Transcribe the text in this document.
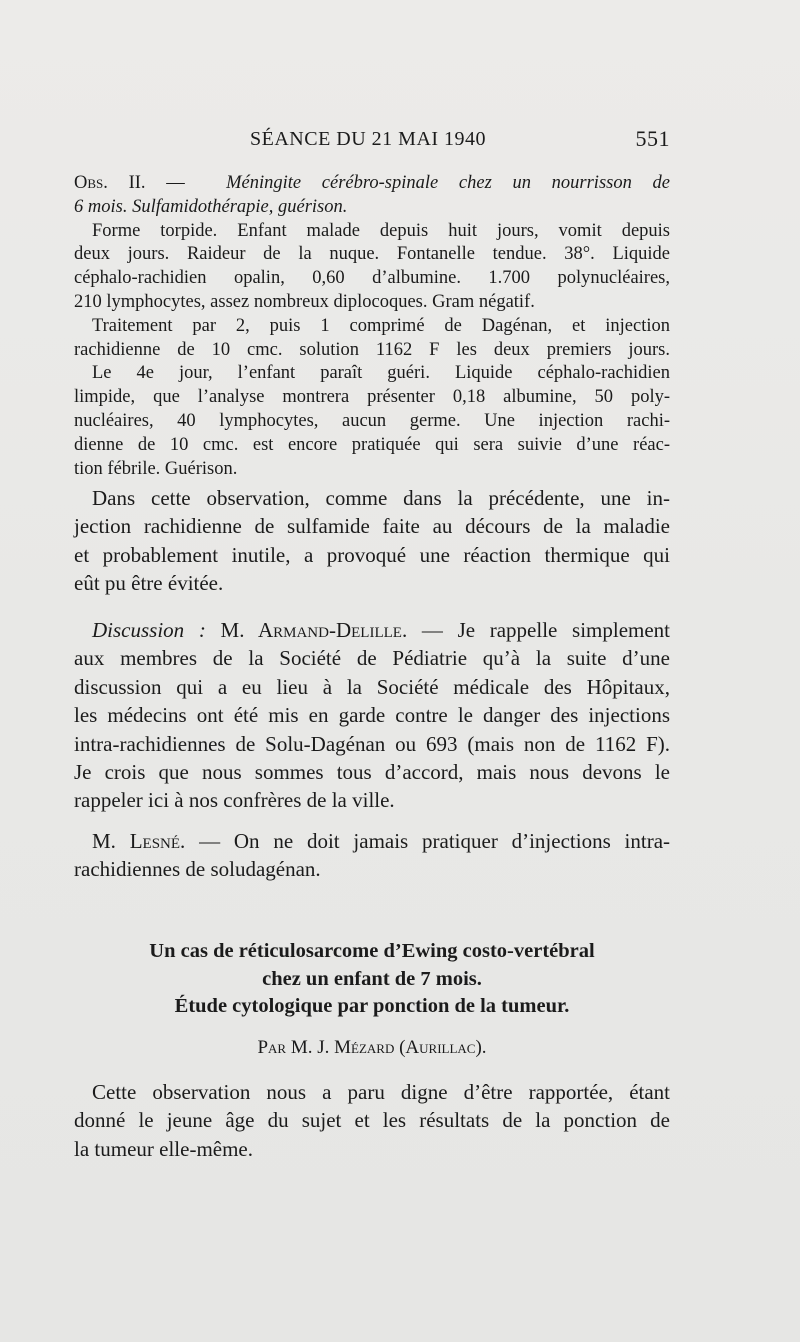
SÉANCE DU 21 MAI 1940	551
Obs. II. — Méningite cérébro-spinale chez un nourrisson de
6 mois. Sulfamidothérapie, guérison.
Forme torpide. Enfant malade depuis huit jours, vomit depuis
deux jours. Raideur de la nuque. Fontanelle tendue. 38°. Liquide
céphalo-rachidien opalin, 0,60 d’albumine. 1.700 polynucléaires,
210 lymphocytes, assez nombreux diplocoques. Gram négatif.
Traitement par 2, puis 1 comprimé de Dagénan, et injection
rachidienne de 10 cmc. solution 1162 F les deux premiers jours.
Le 4e jour, l’enfant paraît guéri. Liquide céphalo-rachidien
limpide, que l’analyse montrera présenter 0,18 albumine, 50 poly-
nucléaires, 40 lymphocytes, aucun germe. Une injection rachi-
dienne de 10 cmc. est encore pratiquée qui sera suivie d’une réac-
tion fébrile. Guérison.
Dans cette observation, comme dans la précédente, une in-
jection rachidienne de sulfamide faite au décours de la maladie
et probablement inutile, a provoqué une réaction thermique qui
eût pu être évitée.
Discussion : M. Armand-Delille. — Je rappelle simplement
aux membres de la Société de Pédiatrie qu’à la suite d’une
discussion qui a eu lieu à la Société médicale des Hôpitaux,
les médecins ont été mis en garde contre le danger des injections
intra-rachidiennes de Solu-Dagénan ou 693 (mais non de 1162 F).
Je crois que nous sommes tous d’accord, mais nous devons le
rappeler ici à nos confrères de la ville.
M. Lesné. — On ne doit jamais pratiquer d’injections intra-
rachidiennes de soludagénan.
Un cas de réticulosarcome d’Ewing costo-vertébral
chez un enfant de 7 mois.
Étude cytologique par ponction de la tumeur.
Par M. J. Mézard (Aurillac).
Cette observation nous a paru digne d’être rapportée, étant
donné le jeune âge du sujet et les résultats de la ponction de
la tumeur elle-même.
